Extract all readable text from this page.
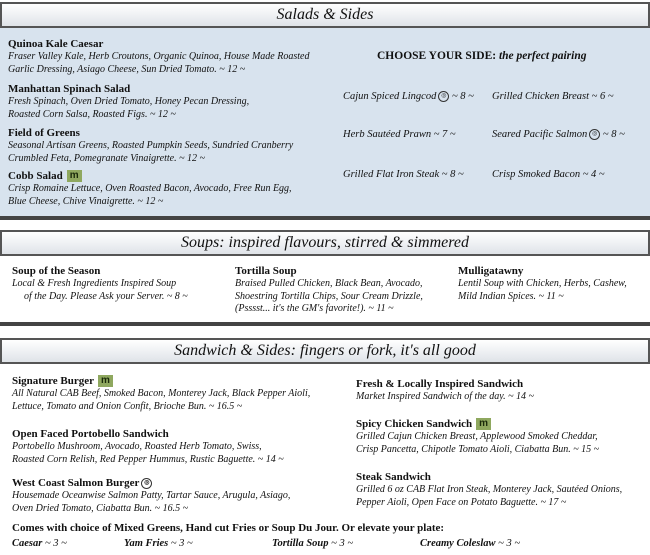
Salads & Sides
Quinoa Kale Caesar
Fraser Valley Kale, Herb Croutons, Organic Quinoa, House Made Roasted
Garlic Dressing, Asiago Cheese, Sun Dried Tomato. ~ 12 ~
Manhattan Spinach Salad
Fresh Spinach, Oven Dried Tomato, Honey Pecan Dressing,
Roasted Corn Salsa, Roasted Figs. ~ 12 ~
Field of Greens
Seasonal Artisan Greens, Roasted Pumpkin Seeds, Sundried Cranberry
Crumbled Feta, Pomegranate Vinaigrette. ~ 12 ~
Cobb Salad m
Crisp Romaine Lettuce, Oven Roasted Bacon, Avocado, Free Run Egg,
Blue Cheese, Chive Vinaigrette. ~ 12 ~
CHOOSE YOUR SIDE: the perfect pairing
Cajun Spiced Lingcod ◎ ~ 8 ~ Grilled Chicken Breast ~ 6 ~
Herb Sautéed Prawn ~ 7 ~	Seared Pacific Salmon ◎ ~ 8 ~
Grilled Flat Iron Steak ~ 8 ~	Crisp Smoked Bacon ~ 4 ~
Soups: inspired flavours, stirred & simmered
Soup of the Season
Local & Fresh Ingredients Inspired Soup
of the Day. Please Ask your Server. ~ 8 ~
Tortilla Soup
Braised Pulled Chicken, Black Bean, Avocado,
Shoestring Tortilla Chips, Sour Cream Drizzle,
(Psssst... it's the GM's favorite!). ~ 11 ~
Mulligatawny
Lentil Soup with Chicken, Herbs, Cashew,
Mild Indian Spices. ~ 11 ~
Sandwich & Sides: fingers or fork, it's all good
Signature Burger m
All Natural CAB Beef, Smoked Bacon, Monterey Jack, Black Pepper Aioli,
Lettuce, Tomato and Onion Confit, Brioche Bun. ~ 16.5 ~
Open Faced Portobello Sandwich
Portobello Mushroom, Avocado, Roasted Herb Tomato, Swiss,
Roasted Corn Relish, Red Pepper Hummus, Rustic Baguette. ~ 14 ~
West Coast Salmon Burger ◎
Housemade Oceanwise Salmon Patty, Tartar Sauce, Arugula, Asiago,
Oven Dried Tomato, Ciabatta Bun. ~ 16.5 ~
Fresh & Locally Inspired Sandwich
Market Inspired Sandwich of the day. ~ 14 ~
Spicy Chicken Sandwich m
Grilled Cajun Chicken Breast, Applewood Smoked Cheddar,
Crisp Pancetta, Chipotle Tomato Aioli, Ciabatta Bun. ~ 15 ~
Steak Sandwich
Grilled 6 oz CAB Flat Iron Steak, Monterey Jack, Sautéed Onions,
Pepper Aioli, Open Face on Potato Baguette. ~ 17 ~
Comes with choice of Mixed Greens, Hand cut Fries or Soup Du Jour. Or elevate your plate:
Caesar ~ 3 ~	Yam Fries ~ 3 ~	Tortilla Soup ~ 3 ~	Creamy Coleslaw ~ 3 ~
